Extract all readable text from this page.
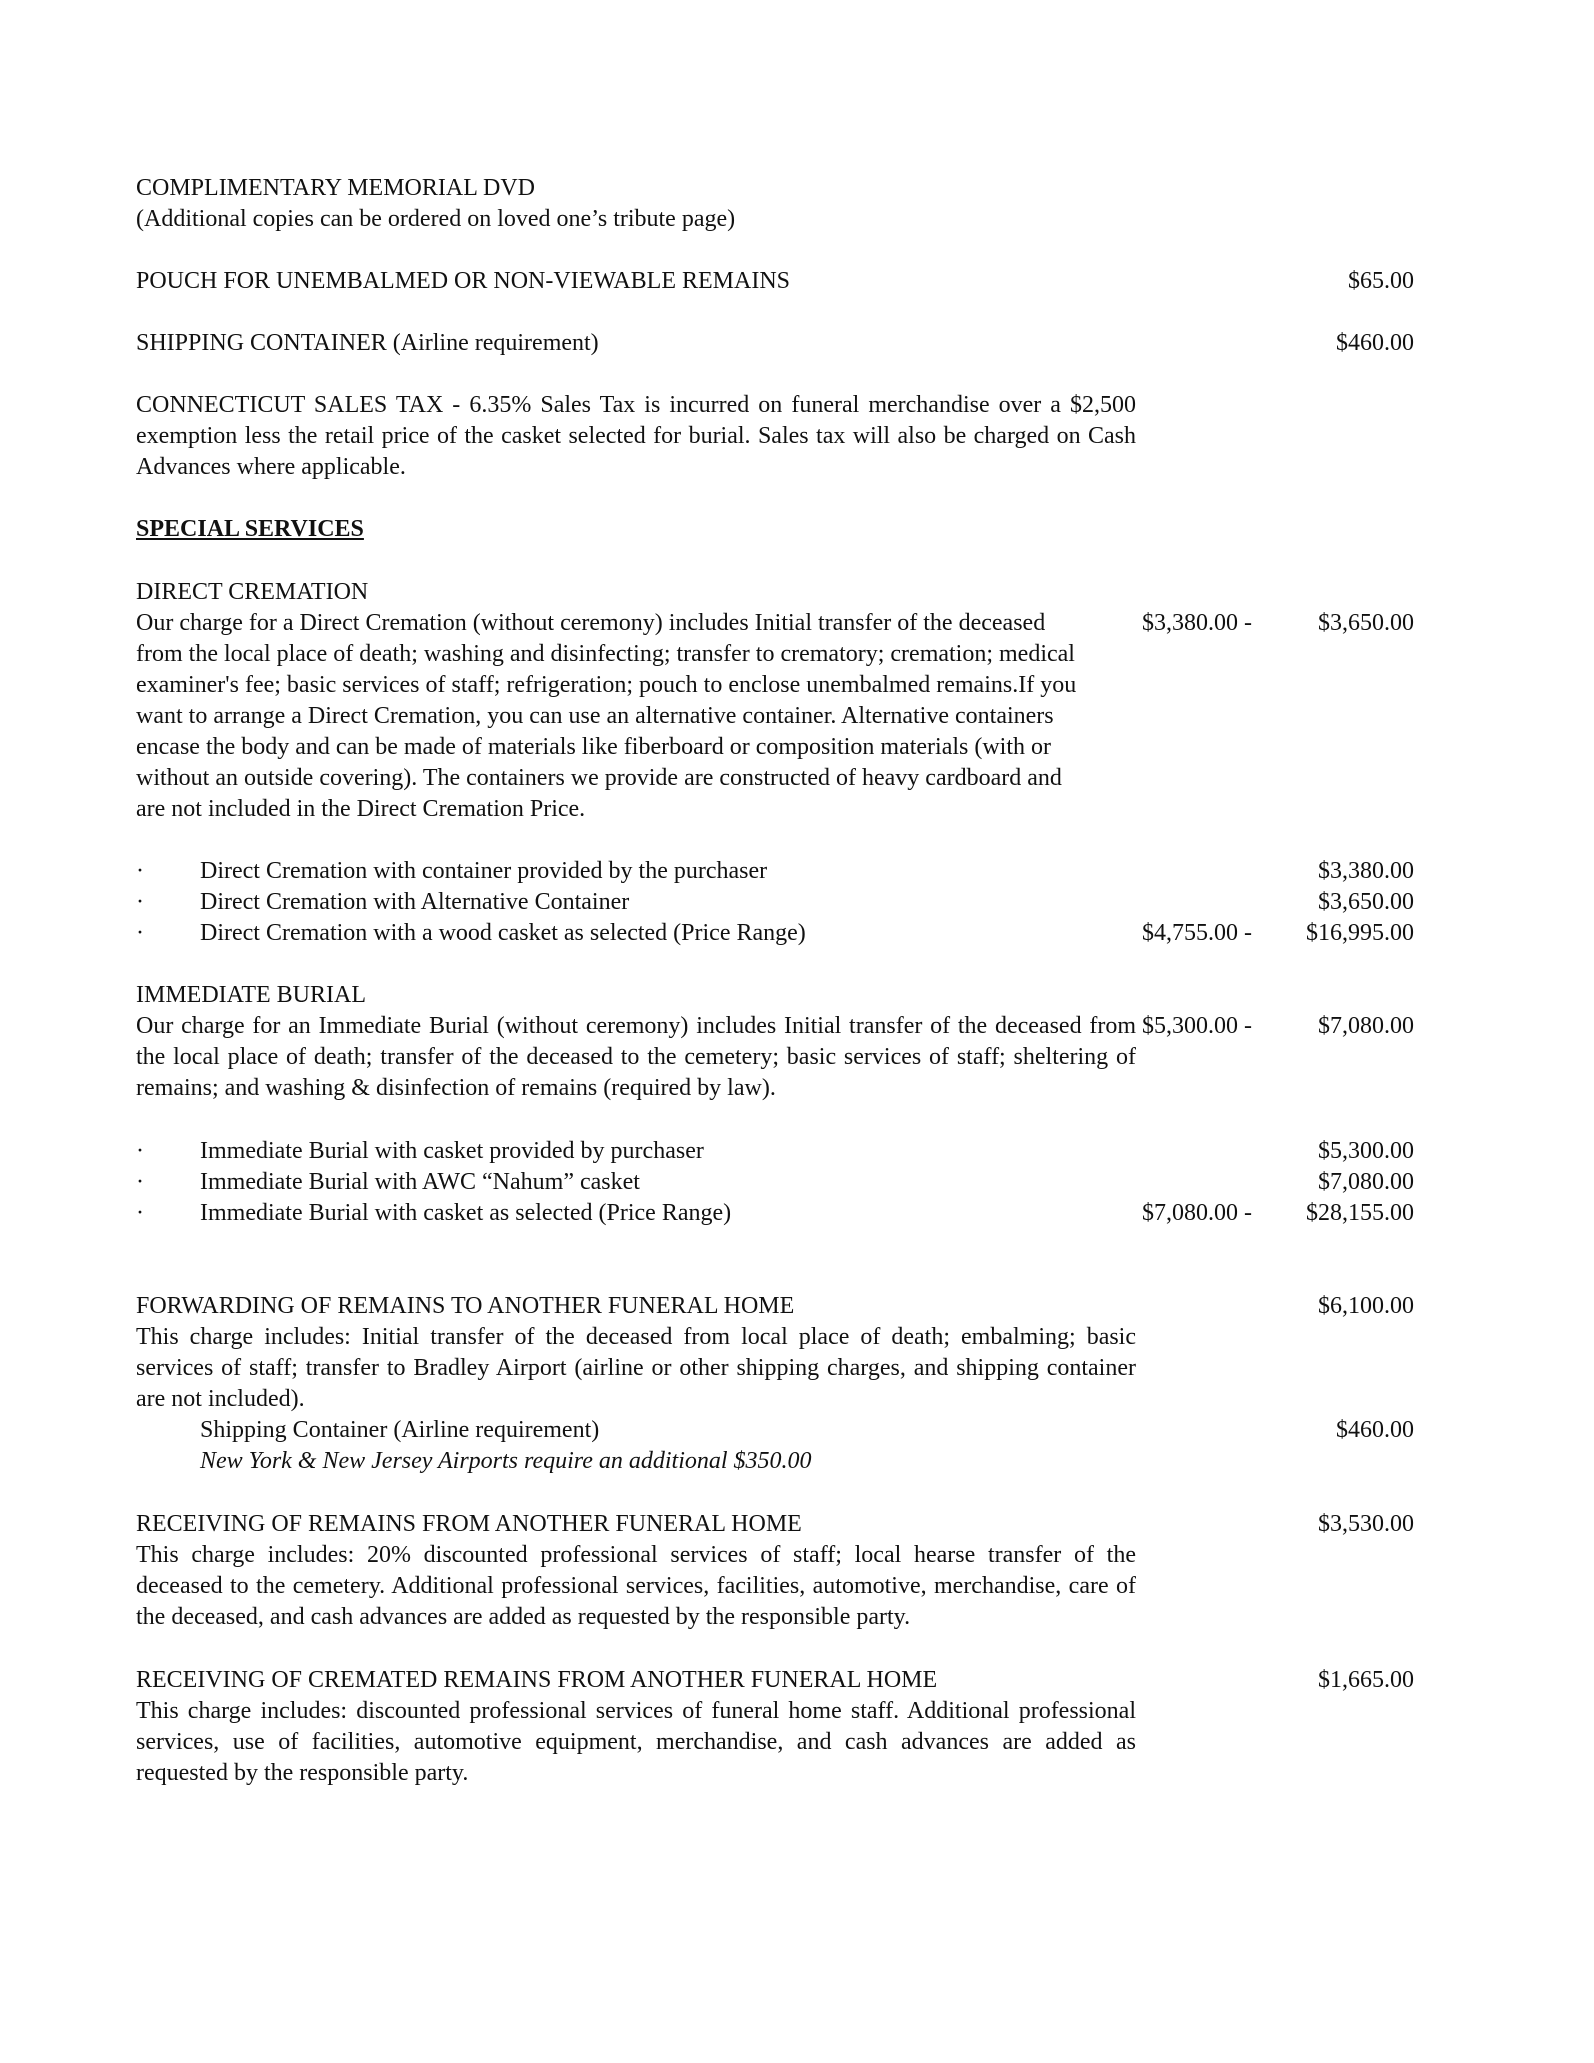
COMPLIMENTARY MEMORIAL DVD
(Additional copies can be ordered on loved one’s tribute page)
POUCH FOR UNEMBALMED OR NON-VIEWABLE REMAINS	$65.00
SHIPPING CONTAINER (Airline requirement)	$460.00
CONNECTICUT SALES TAX - 6.35% Sales Tax is incurred on funeral merchandise over a $2,500 exemption less the retail price of the casket selected for burial. Sales tax will also be charged on Cash Advances where applicable.
SPECIAL SERVICES
DIRECT CREMATION
Our charge for a Direct Cremation (without ceremony) includes Initial transfer of the deceased
from the local place of death; washing and disinfecting; transfer to crematory; cremation; medical
examiner's fee; basic services of staff; refrigeration; pouch to enclose unembalmed remains.If you
want to arrange a Direct Cremation, you can use an alternative container. Alternative containers
encase the body and can be made of materials like fiberboard or composition materials (with or
without an outside covering). The containers we provide are constructed of heavy cardboard and
are not included in the Direct Cremation Price.
$3,380.00 -	$3,650.00
· Direct Cremation with container provided by the purchaser	$3,380.00
· Direct Cremation with Alternative Container	$3,650.00
· Direct Cremation with a wood casket as selected (Price Range)	$4,755.00 - $16,995.00
IMMEDIATE BURIAL
Our charge for an Immediate Burial (without ceremony) includes Initial transfer of the deceased from the local place of death; transfer of the deceased to the cemetery; basic services of staff; sheltering of remains; and washing & disinfection of remains (required by law).
$5,300.00 -	$7,080.00
· Immediate Burial with casket provided by purchaser	$5,300.00
· Immediate Burial with AWC “Nahum” casket	$7,080.00
· Immediate Burial with casket as selected (Price Range)	$7,080.00 - $28,155.00
FORWARDING OF REMAINS TO ANOTHER FUNERAL HOME	$6,100.00
This charge includes: Initial transfer of the deceased from local place of death; embalming; basic services of staff; transfer to Bradley Airport (airline or other shipping charges, and shipping container are not included).
Shipping Container (Airline requirement)	$460.00
New York & New Jersey Airports require an additional $350.00
RECEIVING OF REMAINS FROM ANOTHER FUNERAL HOME	$3,530.00
This charge includes: 20% discounted professional services of staff; local hearse transfer of the deceased to the cemetery. Additional professional services, facilities, automotive, merchandise, care of the deceased, and cash advances are added as requested by the responsible party.
RECEIVING OF CREMATED REMAINS FROM ANOTHER FUNERAL HOME	$1,665.00
This charge includes: discounted professional services of funeral home staff. Additional professional services, use of facilities, automotive equipment, merchandise, and cash advances are added as requested by the responsible party.
